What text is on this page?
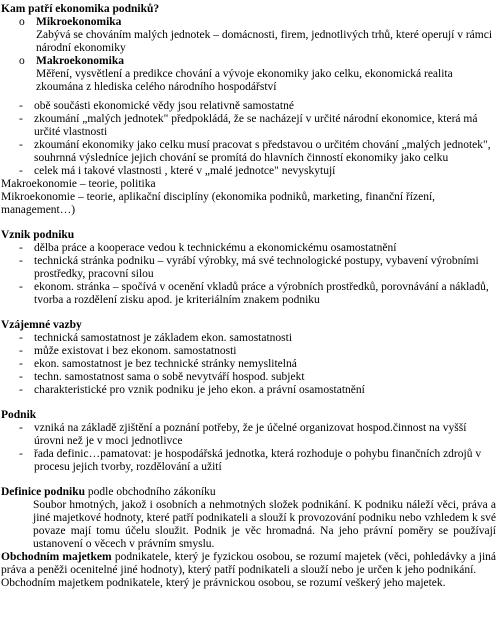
Kam patří ekonomika podniků?
o Mikroekonomika
Zabývá se chováním malých jednotek – domácnosti, firem, jednotlivých trhů, které operují v rámci národní ekonomiky
o Makroekonomika
Měření, vysvětlení a predikce chování a vývoje ekonomiky jako celku, ekonomická realita zkoumána z hlediska celého národního hospodářství
- obě součásti ekonomické vědy jsou relativně samostatné
- zkoumání „malých jednotek" předpokládá, že se nacházejí v určité národní ekonomice, která má určité vlastnosti
- zkoumání ekonomiky jako celku musí pracovat s představou o určitém chování „malých jednotek", souhrnná výsledníce jejich chování se promítá do hlavních činností ekonomiky jako celku
- celek má i takové vlastnosti , které v „malé jednotce" nevyskytují
Makroekonomie – teorie, politika
Mikroekonomie – teorie, aplikační disciplíny (ekonomika podniků, marketing, finanční řízení, management…)
Vznik podniku
- dělba práce a kooperace vedou k technickému a ekonomickému osamostatnění
- technická stránka podniku – vyrábí výrobky, má své technologické postupy, vybavení výrobními prostředky, pracovní silou
- ekonom. stránka – spočívá v ocenění vkladů práce a výrobních prostředků, porovnávání a nákladů, tvorba a rozdělení zisku apod. je kriteriálním znakem podniku
Vzájemné vazby
- technická samostatnost je základem ekon. samostatnosti
- může existovat i bez ekonom. samostatnosti
- ekon. samostatnost je bez technické stránky nemyslitelná
- techn. samostatnost sama o sobě nevytváří hospod. subjekt
- charakteristické pro vznik podniku je jeho ekon. a právní osamostatnění
Podnik
- vzniká na základě zjištění a poznání potřeby, že je účelné organizovat hospod.činnost na vyšší úrovni než je v moci jednotlivce
- řada definic…pamatovat: je hospodářská jednotka, která rozhoduje o pohybu finančních zdrojů v procesu jejich tvorby, rozdělování a užití
Definice podniku podle obchodního zákoníku
Soubor hmotných, jakož i osobních a nehmotných složek podnikání. K podniku náleží věci, práva a jiné majetkové hodnoty, které patří podnikateli a slouží k provozování podniku nebo vzhledem k své povaze mají tomu účelu sloužit. Podnik je věc hromadná. Na jeho právní poměry se používají ustanovení o věcech v právním smyslu.
Obchodním majetkem podnikatele, který je fyzickou osobou, se rozumí majetek (věci, pohledávky a jiná práva a peněži ocenitelné jiné hodnoty), který patří podnikateli a slouží nebo je určen k jeho podnikání.
Obchodním majetkem podnikatele, který je právnickou osobou, se rozumí veškerý jeho majetek.
